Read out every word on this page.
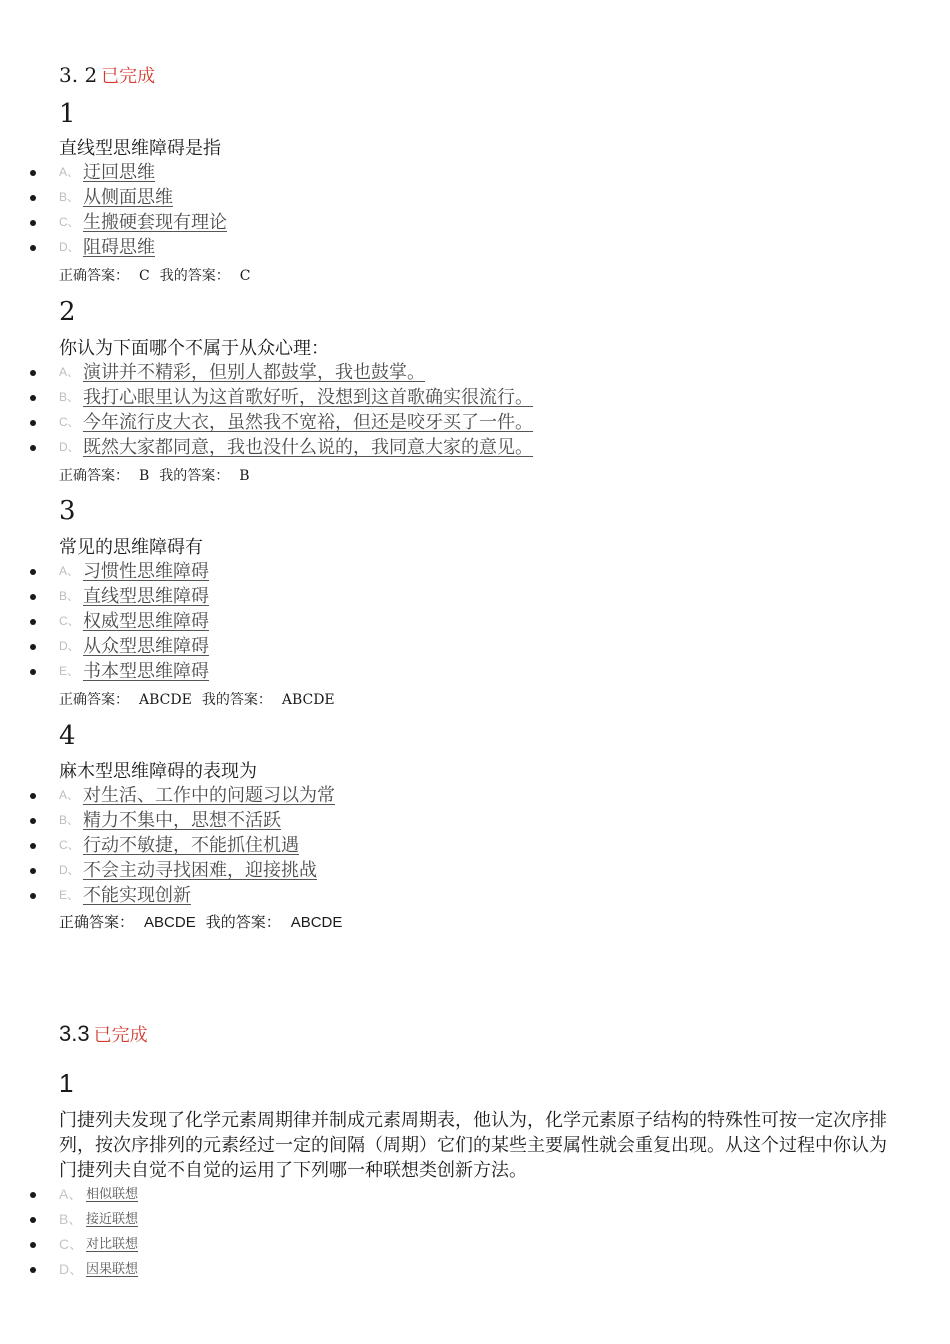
3. 2 已完成
1
直线型思维障碍是指
A、 迂回思维
B、 从侧面思维
C、 生搬硬套现有理论
D、 阻碍思维
正确答案： C 我的答案： C
2
你认为下面哪个不属于从众心理：
A、 演讲并不精彩，但别人都鼓掌，我也鼓掌。
B、 我打心眼里认为这首歌好听，没想到这首歌确实很流行。
C、 今年流行皮大衣，虽然我不宽裕，但还是咬牙买了一件。
D、 既然大家都同意，我也没什么说的，我同意大家的意见。
正确答案： B 我的答案： B
3
常见的思维障碍有
A、 习惯性思维障碍
B、 直线型思维障碍
C、 权威型思维障碍
D、 从众型思维障碍
E、 书本型思维障碍
正确答案： ABCDE 我的答案： ABCDE
4
麻木型思维障碍的表现为
A、 对生活、工作中的问题习以为常
B、 精力不集中，思想不活跃
C、 行动不敏捷，不能抓住机遇
D、 不会主动寻找困难，迎接挑战
E、 不能实现创新
正确答案： ABCDE 我的答案： ABCDE
3.3 已完成
1
门捷列夫发现了化学元素周期律并制成元素周期表，他认为，化学元素原子结构的特殊性可按一定次序排列，按次序排列的元素经过一定的间隔（周期）它们的某些主要属性就会重复出现。从这个过程中你认为门捷列夫自觉不自觉的运用了下列哪一种联想类创新方法。
A、 相似联想
B、 接近联想
C、 对比联想
D、 因果联想
